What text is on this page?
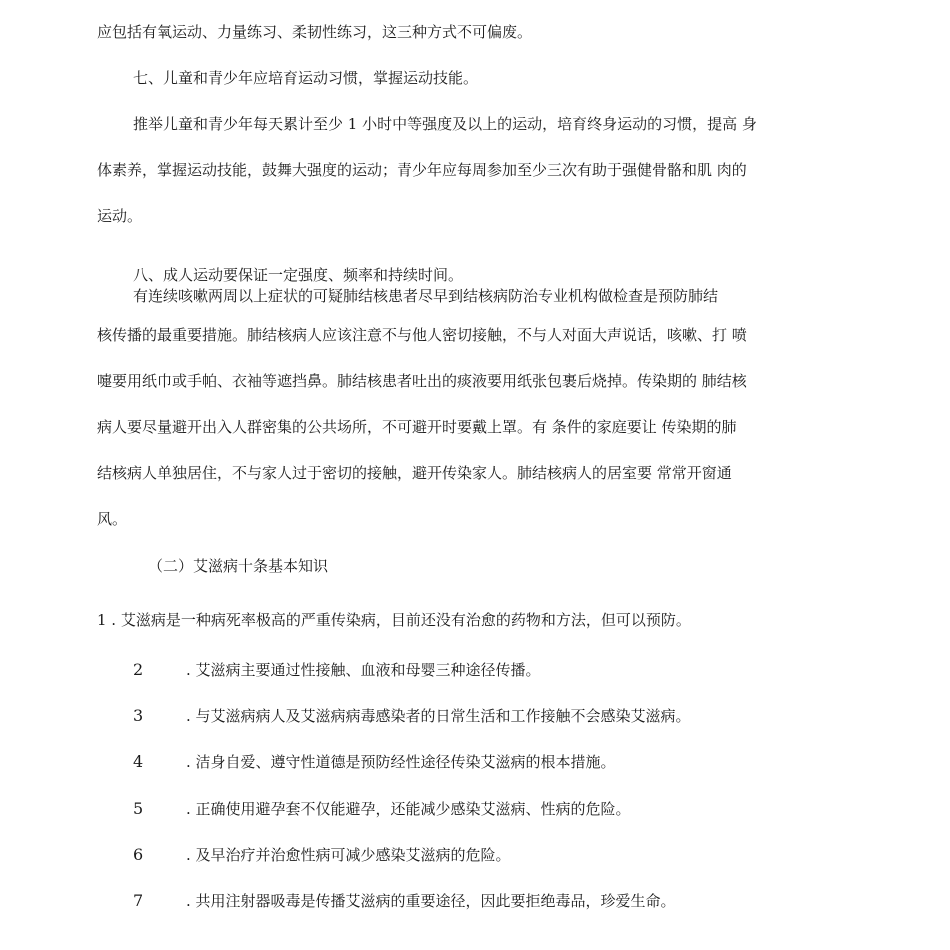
应包括有氧运动、力量练习、柔韧性练习，这三种方式不可偏废。
七、儿童和青少年应培育运动习惯，掌握运动技能。
推举儿童和青少年每天累计至少 1 小时中等强度及以上的运动，培育终身运动的习惯，提高 身
体素养，掌握运动技能，鼓舞大强度的运动；青少年应每周参加至少三次有助于强健骨骼和肌 肉的
运动。
八、成人运动要保证一定强度、频率和持续时间。
有连续咳嗽两周以上症状的可疑肺结核患者尽早到结核病防治专业机构做检查是预防肺结
核传播的最重要措施。肺结核病人应该注意不与他人密切接触，不与人对面大声说话，咳嗽、打 喷
嚏要用纸巾或手帕、衣袖等遮挡鼻。肺结核患者吐出的痰液要用纸张包裹后烧掉。传染期的 肺结核
病人要尽量避开出入人群密集的公共场所，不可避开时要戴上罩。有 条件的家庭要让 传染期的肺
结核病人单独居住，不与家人过于密切的接触，避开传染家人。肺结核病人的居室要 常常开窗通
风。
（二）艾滋病十条基本知识
1 . 艾滋病是一种病死率极高的严重传染病，目前还没有治愈的药物和方法，但可以预防。
2	. 艾滋病主要通过性接触、血液和母婴三种途径传播。
3	. 与艾滋病病人及艾滋病病毒感染者的日常生活和工作接触不会感染艾滋病。
4	. 洁身自爱、遵守性道德是预防经性途径传染艾滋病的根本措施。
5	. 正确使用避孕套不仅能避孕，还能减少感染艾滋病、性病的危险。
6	. 及早治疗并治愈性病可减少感染艾滋病的危险。
7	. 共用注射器吸毒是传播艾滋病的重要途径，因此要拒绝毒品，珍爱生命。
